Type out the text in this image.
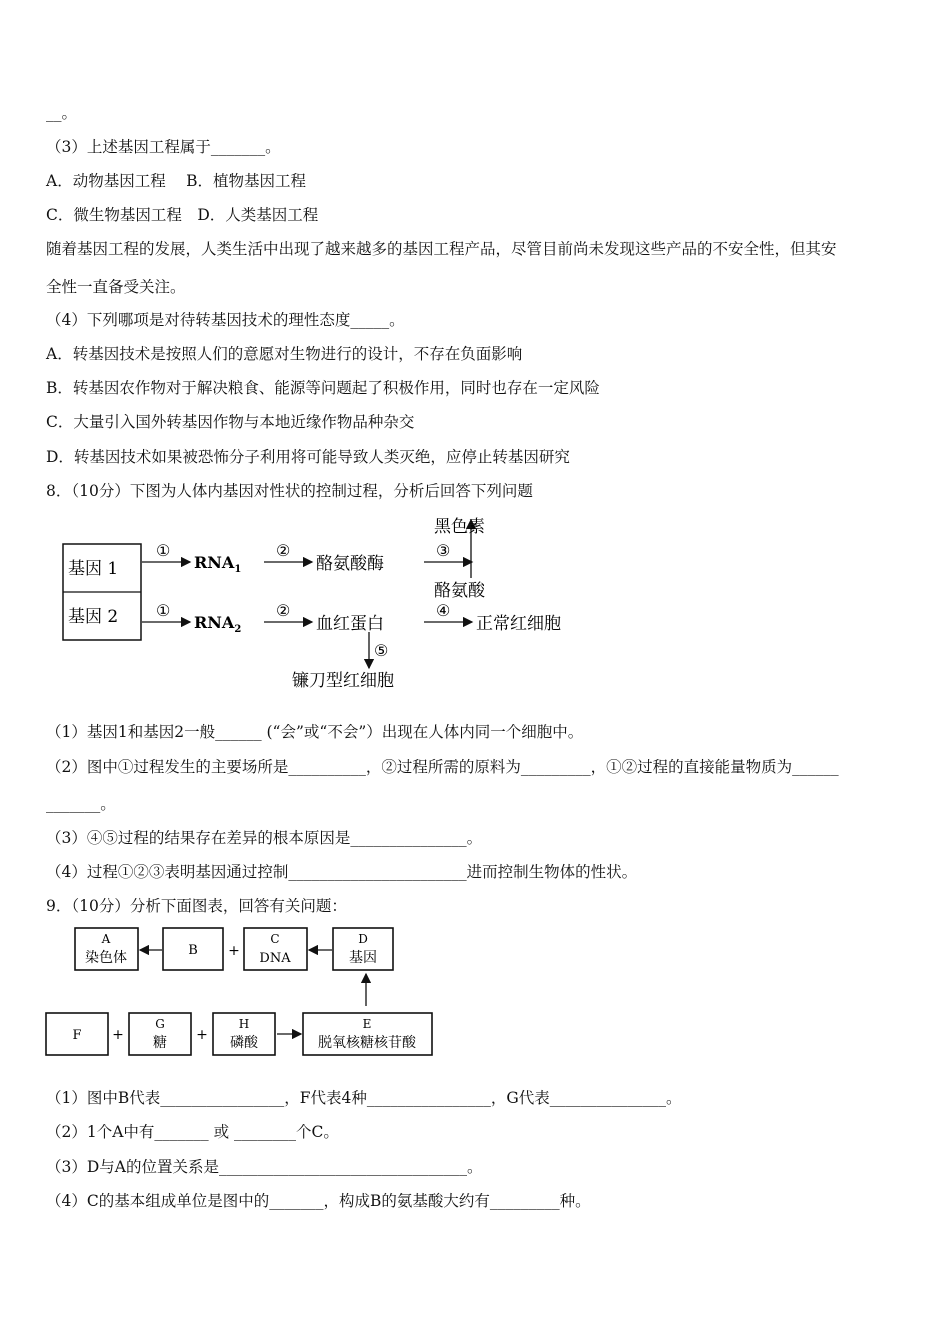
__。
（3）上述基因工程属于_______。
A．动物基因工程　 B．植物基因工程
C．微生物基因工程　D．人类基因工程
随着基因工程的发展，人类生活中出现了越来越多的基因工程产品，尽管目前尚未发现这些产品的不安全性，但其安
全性一直备受关注。
（4）下列哪项是对待转基因技术的理性态度_____。
A．转基因技术是按照人们的意愿对生物进行的设计，不存在负面影响
B．转基因农作物对于解决粮食、能源等问题起了积极作用，同时也存在一定风险
C．大量引入国外转基因作物与本地近缘作物品种杂交
D．转基因技术如果被恐怖分子利用将可能导致人类灭绝，应停止转基因研究
8．（10分）下图为人体内基因对性状的控制过程，分析后回答下列问题
基因 1
基因 2
①
$RNA_1$
②
酪氨酸酶
③
黑色素
酪氨酸
①
$RNA_2$
②
血红蛋白
④
正常红细胞
⑤
镰刀型红细胞
（1）基因1和基因2一般______ (“会”或“不会”）出现在人体内同一个细胞中。
（2）图中①过程发生的主要场所是__________，②过程所需的原料为_________，①②过程的直接能量物质为______
_______。
（3）④⑤过程的结果存在差异的根本原因是_______________。
（4）过程①②③表明基因通过控制_______________________进而控制生物体的性状。
9．（10分）分析下面图表，回答有关问题：
A
染色体	B +
C
DNA
D
基因
F +
G
糖 +
H
磷酸
E
脱氧核糖核苷酸
（1）图中B代表________________，F代表4种________________，G代表_______________。
（2）1个A中有_______ 或 ________个C。
（3）D与A的位置关系是________________________________。
（4）C的基本组成单位是图中的_______，构成B的氨基酸大约有_________种。
